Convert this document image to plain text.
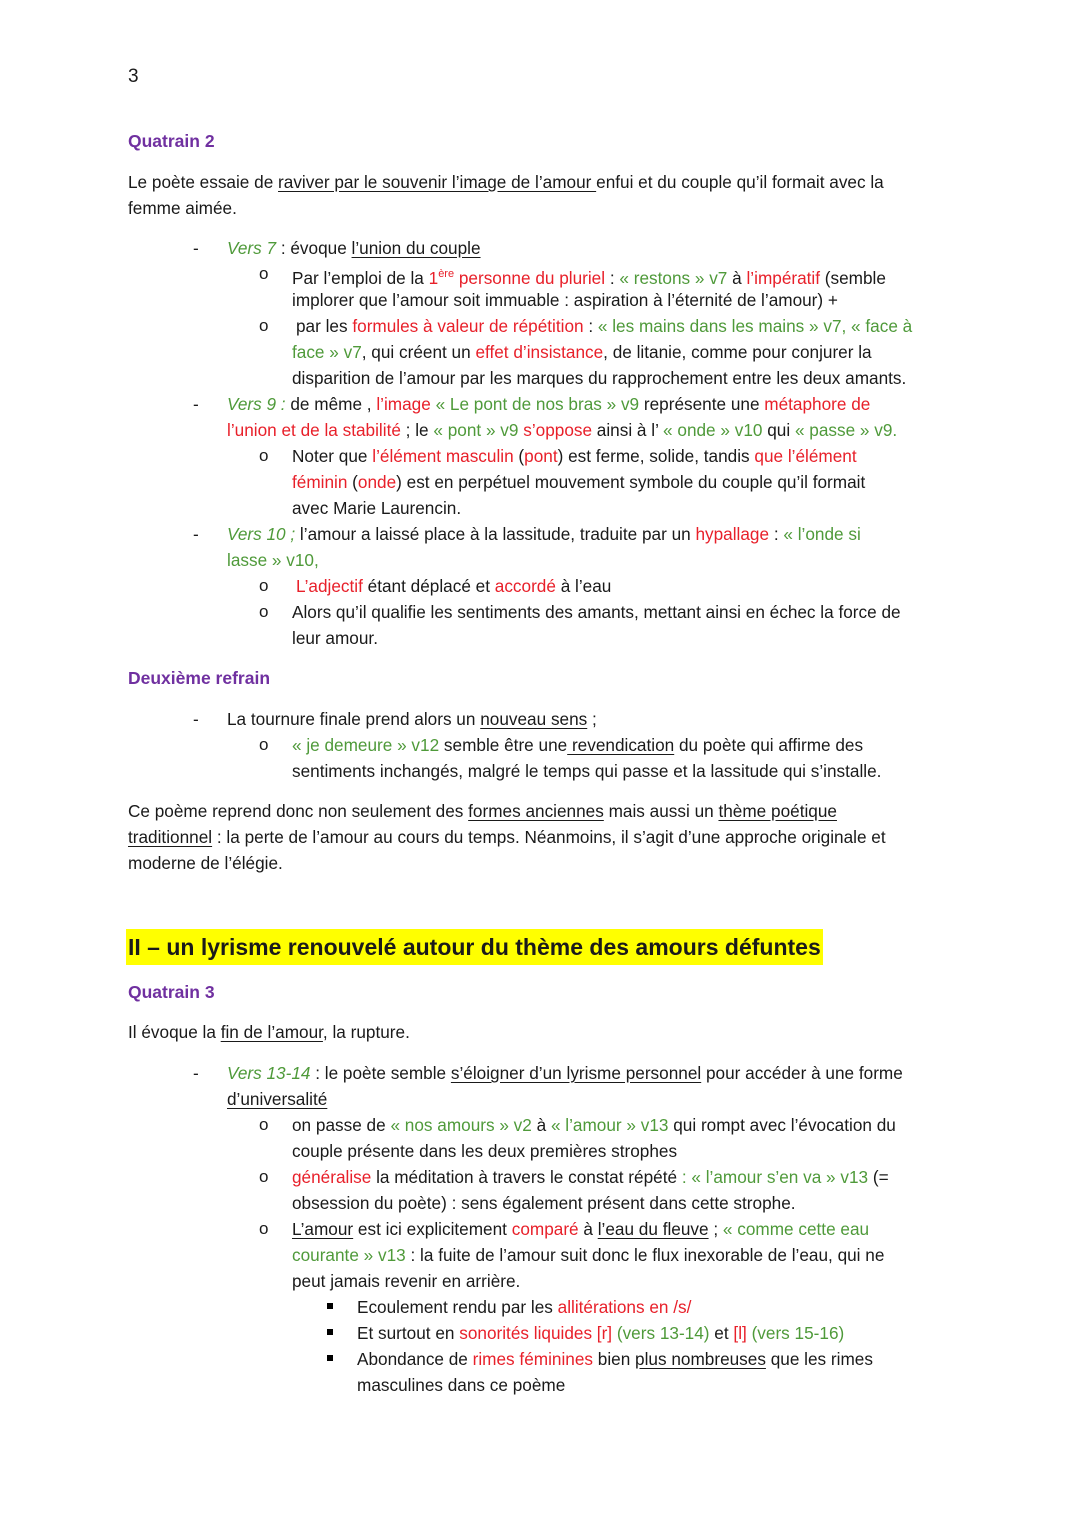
3
Quatrain 2
Le poète essaie de raviver par le souvenir l’image de l’amour enfui et du couple qu’il formait avec la
femme aimée.
- Vers 7 : évoque l’union du couple
o Par l’emploi de la 1ère personne du pluriel : « restons » v7 à l’impératif (semble
implorer que l’amour soit immuable : aspiration à l’éternité de l’amour) +
o par les formules à valeur de répétition : « les mains dans les mains » v7, « face à
face » v7, qui créent un effet d’insistance, de litanie, comme pour conjurer la
disparition de l’amour par les marques du rapprochement entre les deux amants.
- Vers 9 : de même , l’image « Le pont de nos bras » v9 représente une métaphore de
l’union et de la stabilité ; le « pont » v9 s’oppose ainsi à l’ « onde » v10 qui « passe » v9.
o Noter que l’élément masculin (pont) est ferme, solide, tandis que l’élément
féminin (onde) est en perpétuel mouvement symbole du couple qu’il formait
avec Marie Laurencin.
- Vers 10 ; l’amour a laissé place à la lassitude, traduite par un hypallage : « l’onde si
lasse » v10,
o L’adjectif étant déplacé et accordé à l’eau
o Alors qu’il qualifie les sentiments des amants, mettant ainsi en échec la force de
leur amour.
Deuxième refrain
- La tournure finale prend alors un nouveau sens ;
o « je demeure » v12 semble être une revendication du poète qui affirme des
sentiments inchangés, malgré le temps qui passe et la lassitude qui s’installe.
Ce poème reprend donc non seulement des formes anciennes mais aussi un thème poétique
traditionnel : la perte de l’amour au cours du temps. Néanmoins, il s’agit d’une approche originale et
moderne de l’élégie.
II – un lyrisme renouvelé autour du thème des amours défuntes
Quatrain 3
Il évoque la fin de l’amour, la rupture.
- Vers 13-14 : le poète semble s’éloigner d’un lyrisme personnel pour accéder à une forme
d’universalité
o on passe de « nos amours » v2 à « l’amour » v13 qui rompt avec l’évocation du
couple présente dans les deux premières strophes
o généralise la méditation à travers le constat répété : « l’amour s’en va » v13 (=
obsession du poète) : sens également présent dans cette strophe.
o L’amour est ici explicitement comparé à l’eau du fleuve ; « comme cette eau
courante » v13 : la fuite de l’amour suit donc le flux inexorable de l’eau, qui ne
peut jamais revenir en arrière.
Ecoulement rendu par les allitérations en /s/
Et surtout en sonorités liquides [r] (vers 13-14) et [l] (vers 15-16)
Abondance de rimes féminines bien plus nombreuses que les rimes
masculines dans ce poème
